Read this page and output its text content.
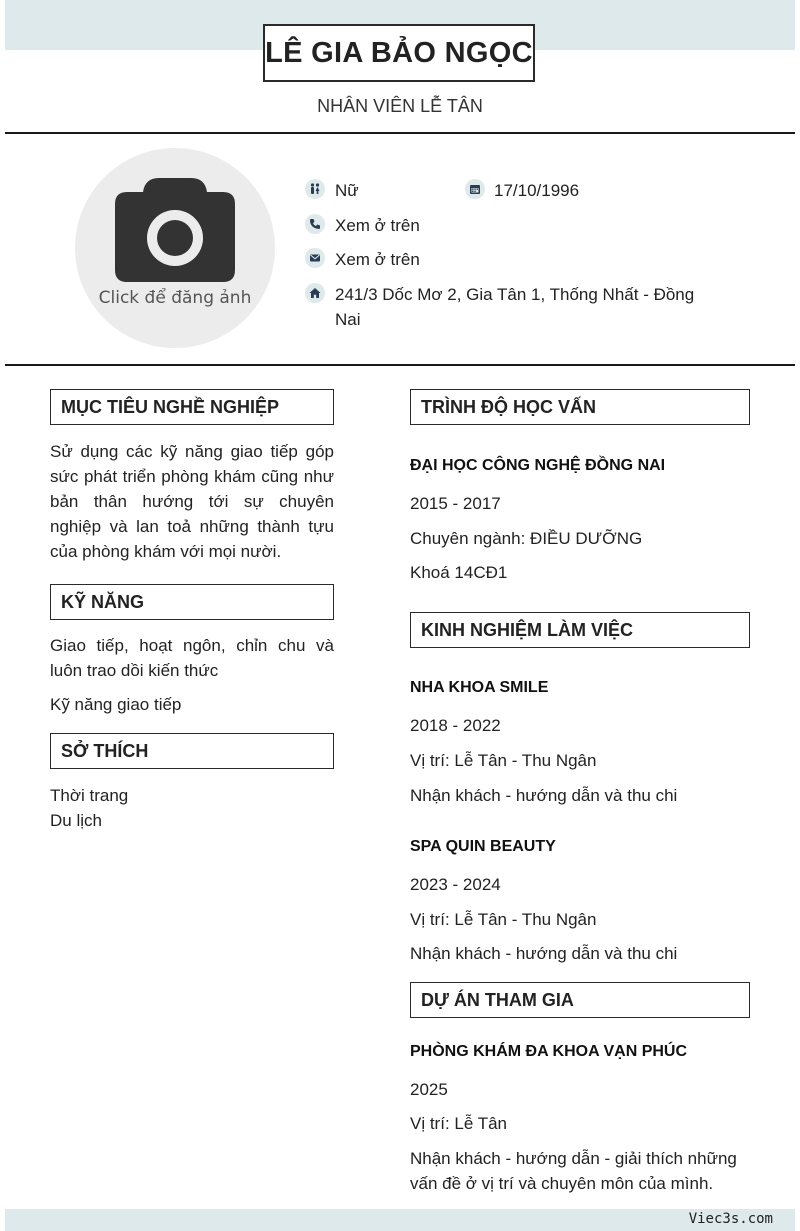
LÊ GIA BẢO NGỌC
NHÂN VIÊN LỄ TÂN
Click để đăng ảnh
Nữ	17/10/1996
Xem ở trên
Xem ở trên
241/3 Dốc Mơ 2, Gia Tân 1, Thống Nhất - Đồng Nai
MỤC TIÊU NGHỀ NGHIỆP
Sử dụng các kỹ năng giao tiếp góp sức phát triển phòng khám cũng như bản thân hướng tới sự chuyên nghiệp và lan toả những thành tựu của phòng khám với mọi nười.
KỸ NĂNG
Giao tiếp, hoạt ngôn, chỉn chu và luôn trao dồi kiến thức
Kỹ năng giao tiếp
SỞ THÍCH
Thời trang
Du lịch
TRÌNH ĐỘ HỌC VẤN
ĐẠI HỌC CÔNG NGHỆ ĐỒNG NAI
2015 - 2017
Chuyên ngành: ĐIỀU DƯỠNG
Khoá 14CĐ1
KINH NGHIỆM LÀM VIỆC
NHA KHOA SMILE
2018 - 2022
Vị trí: Lễ Tân - Thu Ngân
Nhận khách - hướng dẫn và thu chi
SPA QUIN BEAUTY
2023 - 2024
Vị trí: Lễ Tân - Thu Ngân
Nhận khách - hướng dẫn và thu chi
DỰ ÁN THAM GIA
PHÒNG KHÁM ĐA KHOA VẠN PHÚC
2025
Vị trí: Lễ Tân
Nhận khách - hướng dẫn - giải thích những vấn đề ở vị trí và chuyên môn của mình.
Viec3s.com
